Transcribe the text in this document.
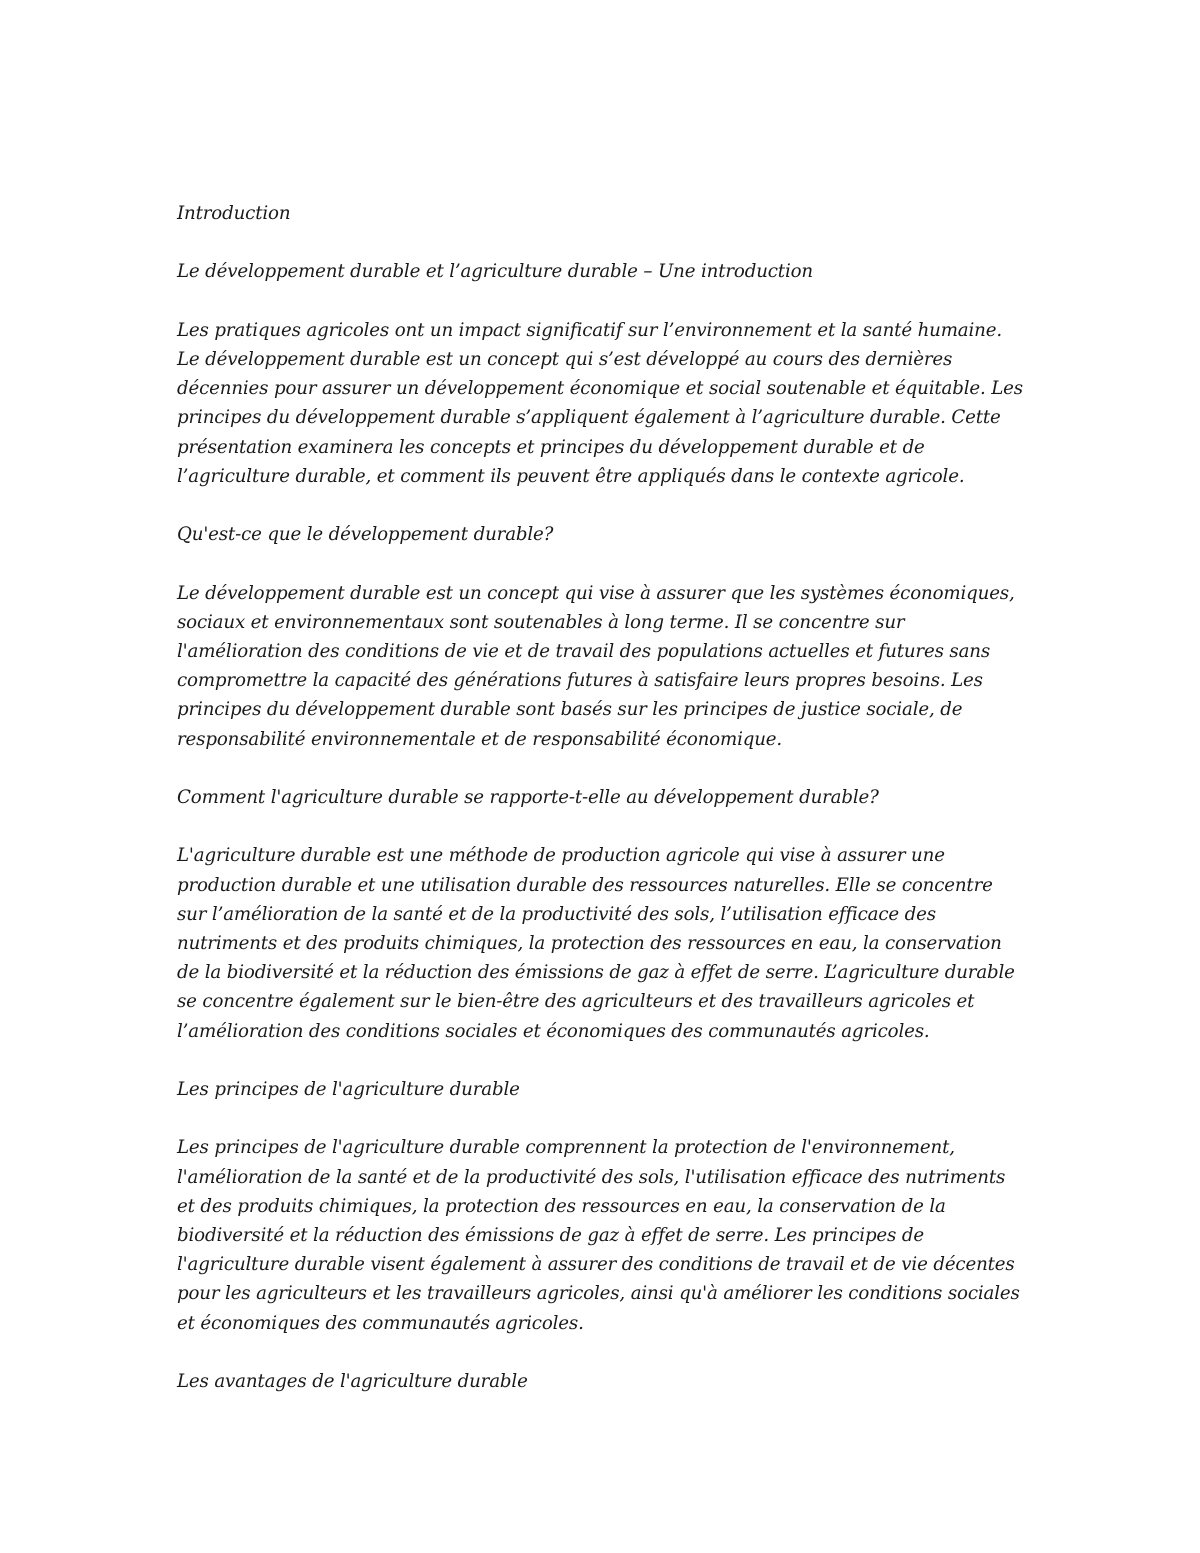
Introduction

Le développement durable et l’agriculture durable – Une introduction

Les pratiques agricoles ont un impact significatif sur l’environnement et la santé humaine. Le développement durable est un concept qui s’est développé au cours des dernières décennies pour assurer un développement économique et social soutenable et équitable. Les principes du développement durable s’appliquent également à l’agriculture durable. Cette présentation examinera les concepts et principes du développement durable et de l’agriculture durable, et comment ils peuvent être appliqués dans le contexte agricole.

Qu'est-ce que le développement durable?

Le développement durable est un concept qui vise à assurer que les systèmes économiques, sociaux et environnementaux sont soutenables à long terme. Il se concentre sur l'amélioration des conditions de vie et de travail des populations actuelles et futures sans compromettre la capacité des générations futures à satisfaire leurs propres besoins. Les principes du développement durable sont basés sur les principes de justice sociale, de responsabilité environnementale et de responsabilité économique.

Comment l'agriculture durable se rapporte-t-elle au développement durable?

L'agriculture durable est une méthode de production agricole qui vise à assurer une production durable et une utilisation durable des ressources naturelles. Elle se concentre sur l’amélioration de la santé et de la productivité des sols, l’utilisation efficace des nutriments et des produits chimiques, la protection des ressources en eau, la conservation de la biodiversité et la réduction des émissions de gaz à effet de serre. L’agriculture durable se concentre également sur le bien-être des agriculteurs et des travailleurs agricoles et l’amélioration des conditions sociales et économiques des communautés agricoles.

Les principes de l'agriculture durable

Les principes de l'agriculture durable comprennent la protection de l'environnement, l'amélioration de la santé et de la productivité des sols, l'utilisation efficace des nutriments et des produits chimiques, la protection des ressources en eau, la conservation de la biodiversité et la réduction des émissions de gaz à effet de serre. Les principes de l'agriculture durable visent également à assurer des conditions de travail et de vie décentes pour les agriculteurs et les travailleurs agricoles, ainsi qu'à améliorer les conditions sociales et économiques des communautés agricoles.

Les avantages de l'agriculture durable
